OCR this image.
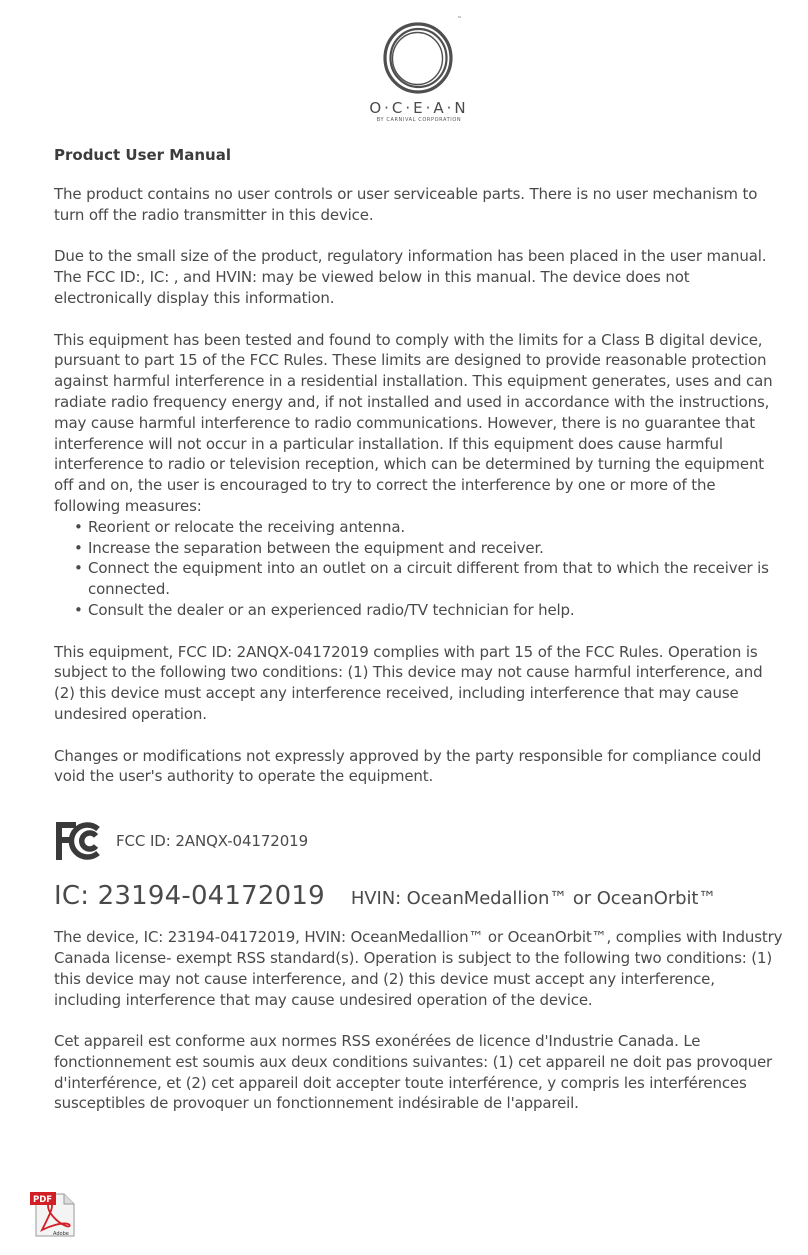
™
O·C·E·A·N
BY CARNIVAL CORPORATION
Product User Manual
The product contains no user controls or user serviceable parts. There is no user mechanism to turn off the radio transmitter in this device.
Due to the small size of the product, regulatory information has been placed in the user manual. The FCC ID:, IC: , and HVIN: may be viewed below in this manual. The device does not electronically display this information.
This equipment has been tested and found to comply with the limits for a Class B digital device, pursuant to part 15 of the FCC Rules. These limits are designed to provide reasonable protection against harmful interference in a residential installation. This equipment generates, uses and can radiate radio frequency energy and, if not installed and used in accordance with the instructions, may cause harmful interference to radio communications. However, there is no guarantee that interference will not occur in a particular installation. If this equipment does cause harmful interference to radio or television reception, which can be determined by turning the equipment off and on, the user is encouraged to try to correct the interference by one or more of the following measures:
• Reorient or relocate the receiving antenna.
• Increase the separation between the equipment and receiver.
• Connect the equipment into an outlet on a circuit different from that to which the receiver is connected.
• Consult the dealer or an experienced radio/TV technician for help.
This equipment, FCC ID: 2ANQX-04172019 complies with part 15 of the FCC Rules. Operation is subject to the following two conditions: (1) This device may not cause harmful interference, and (2) this device must accept any interference received, including interference that may cause undesired operation.
Changes or modifications not expressly approved by the party responsible for compliance could void the user's authority to operate the equipment.
FCC ID: 2ANQX-04172019
IC: 23194-04172019 HVIN: OceanMedallion™ or OceanOrbit™
The device, IC: 23194-04172019, HVIN: OceanMedallion™ or OceanOrbit™, complies with Industry Canada license- exempt RSS standard(s). Operation is subject to the following two conditions: (1) this device may not cause interference, and (2) this device must accept any interference, including interference that may cause undesired operation of the device.
Cet appareil est conforme aux normes RSS exonérées de licence d'Industrie Canada. Le fonctionnement est soumis aux deux conditions suivantes: (1) cet appareil ne doit pas provoquer d'interférence, et (2) cet appareil doit accepter toute interférence, y compris les interférences susceptibles de provoquer un fonctionnement indésirable de l'appareil.
PDF
Adobe
